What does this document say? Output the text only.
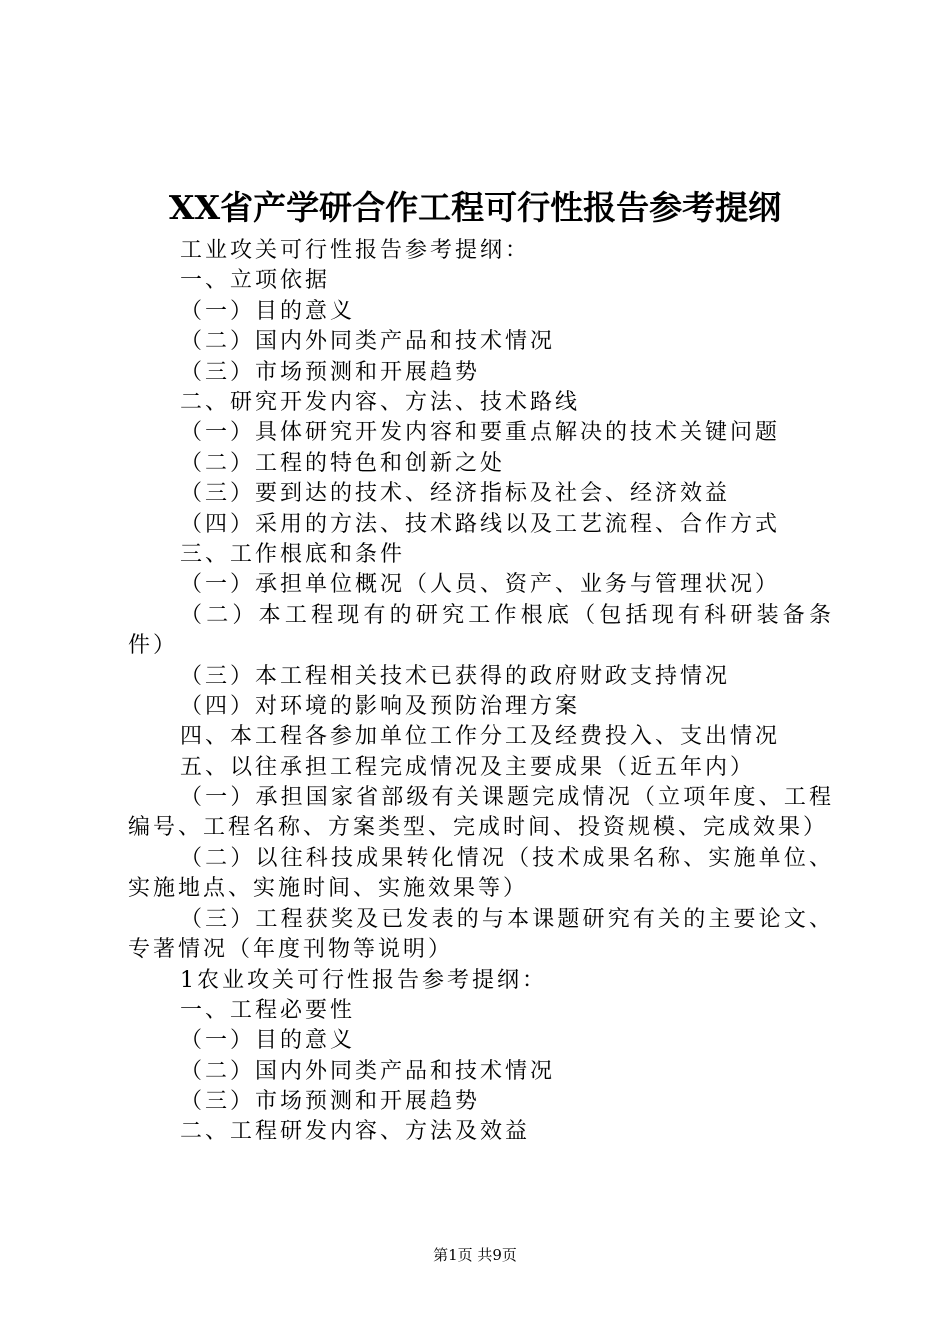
XX省产学研合作工程可行性报告参考提纲
工业攻关可行性报告参考提纲：
一、立项依据
（一）目的意义
（二）国内外同类产品和技术情况
（三）市场预测和开展趋势
二、研究开发内容、方法、技术路线
（一）具体研究开发内容和要重点解决的技术关键问题
（二）工程的特色和创新之处
（三）要到达的技术、经济指标及社会、经济效益
（四）采用的方法、技术路线以及工艺流程、合作方式
三、工作根底和条件
（一）承担单位概况（人员、资产、业务与管理状况）
（二）本工程现有的研究工作根底（包括现有科研装备条件）
（三）本工程相关技术已获得的政府财政支持情况
（四）对环境的影响及预防治理方案
四、本工程各参加单位工作分工及经费投入、支出情况
五、以往承担工程完成情况及主要成果（近五年内）
（一）承担国家省部级有关课题完成情况（立项年度、工程编号、工程名称、方案类型、完成时间、投资规模、完成效果）
（二）以往科技成果转化情况（技术成果名称、实施单位、实施地点、实施时间、实施效果等）
（三）工程获奖及已发表的与本课题研究有关的主要论文、专著情况（年度刊物等说明）
1农业攻关可行性报告参考提纲：
一、工程必要性
（一）目的意义
（二）国内外同类产品和技术情况
（三）市场预测和开展趋势
二、工程研发内容、方法及效益
第1页 共9页
